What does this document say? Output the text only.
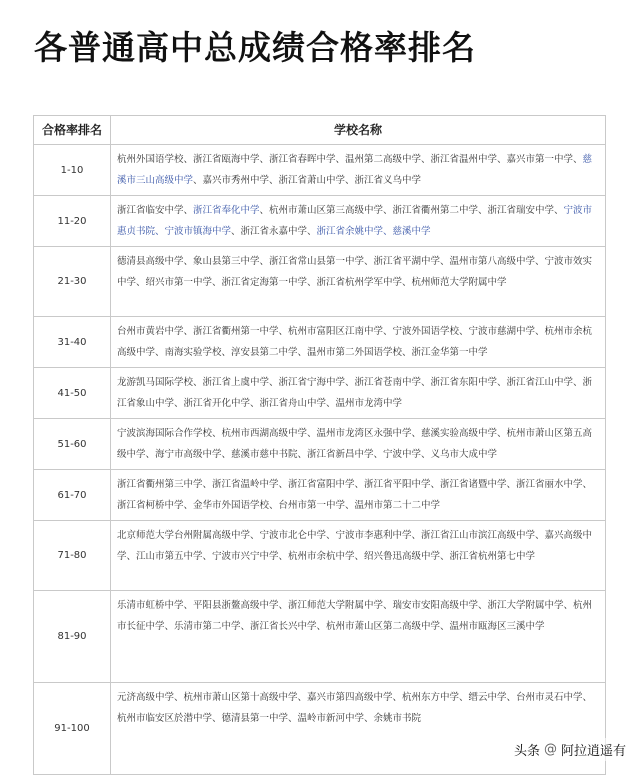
各普通高中总成绩合格率排名
合格率排名	学校名称
1-10	杭州外国语学校、浙江省瓯海中学、浙江省春晖中学、温州第二高级中学、浙江省温州中学、嘉兴市第一中学、慈溪市三山高级中学、嘉兴市秀州中学、浙江省萧山中学、浙江省义乌中学
11-20	浙江省临安中学、浙江省奉化中学、杭州市萧山区第三高级中学、浙江省衢州第二中学、浙江省瑞安中学、宁波市惠贞书院、宁波市镇海中学、浙江省永嘉中学、浙江省余姚中学、慈溪中学
21-30	德清县高级中学、象山县第三中学、浙江省常山县第一中学、浙江省平湖中学、温州市第八高级中学、宁波市效实中学、绍兴市第一中学、浙江省定海第一中学、浙江省杭州学军中学、杭州师范大学附属中学
31-40	台州市黄岩中学、浙江省衢州第一中学、杭州市富阳区江南中学、宁波外国语学校、宁波市慈湖中学、杭州市余杭高级中学、南海实验学校、淳安县第二中学、温州市第二外国语学校、浙江金华第一中学
41-50	龙游凯马国际学校、浙江省上虞中学、浙江省宁海中学、浙江省苍南中学、浙江省东阳中学、浙江省江山中学、浙江省象山中学、浙江省开化中学、浙江省舟山中学、温州市龙湾中学
51-60	宁波滨海国际合作学校、杭州市西湖高级中学、温州市龙湾区永强中学、慈溪实验高级中学、杭州市萧山区第五高级中学、海宁市高级中学、慈溪市慈中书院、浙江省新昌中学、宁波中学、义乌市大成中学
61-70	浙江省衢州第三中学、浙江省温岭中学、浙江省富阳中学、浙江省平阳中学、浙江省诸暨中学、浙江省丽水中学、浙江省柯桥中学、金华市外国语学校、台州市第一中学、温州市第二十二中学
71-80	北京师范大学台州附属高级中学、宁波市北仑中学、宁波市李惠利中学、浙江省江山市滨江高级中学、嘉兴高级中学、江山市第五中学、宁波市兴宁中学、杭州市余杭中学、绍兴鲁迅高级中学、浙江省杭州第七中学
81-90	乐清市虹桥中学、平阳县浙鳌高级中学、浙江师范大学附属中学、瑞安市安阳高级中学、浙江大学附属中学、杭州市长征中学、乐清市第二中学、浙江省长兴中学、杭州市萧山区第二高级中学、温州市瓯海区三溪中学
91-100	元济高级中学、杭州市萧山区第十高级中学、嘉兴市第四高级中学、杭州东方中学、缙云中学、台州市灵石中学、杭州市临安区於潜中学、德清县第一中学、温岭市新河中学、余姚市书院
头条 @ 阿拉逍遥有
